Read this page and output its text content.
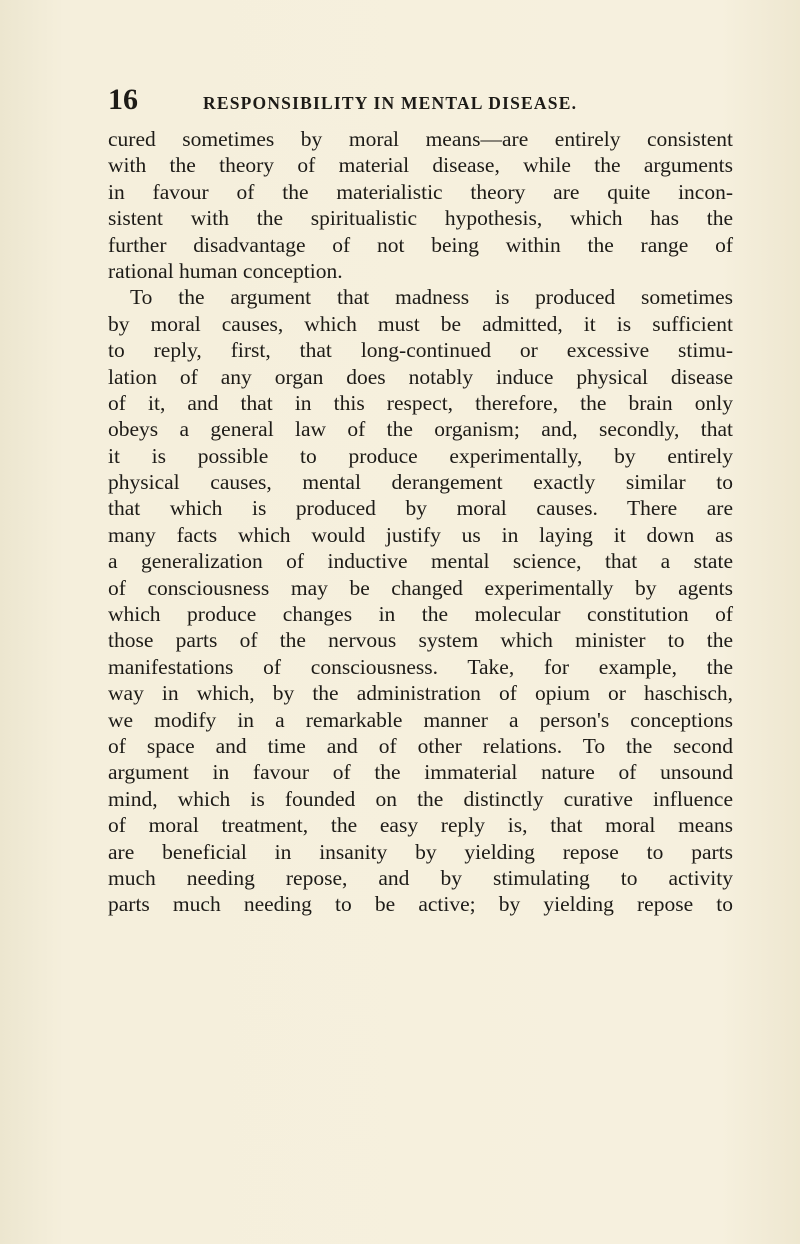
16	RESPONSIBILITY IN MENTAL DISEASE.
cured sometimes by moral means—are entirely consistent
with the theory of material disease, while the arguments
in favour of the materialistic theory are quite incon-
sistent with the spiritualistic hypothesis, which has the
further disadvantage of not being within the range of
rational human conception.
To the argument that madness is produced sometimes
by moral causes, which must be admitted, it is sufficient
to reply, first, that long-continued or excessive stimu-
lation of any organ does notably induce physical disease
of it, and that in this respect, therefore, the brain only
obeys a general law of the organism; and, secondly, that
it is possible to produce experimentally, by entirely
physical causes, mental derangement exactly similar to
that which is produced by moral causes. There are
many facts which would justify us in laying it down as
a generalization of inductive mental science, that a state
of consciousness may be changed experimentally by agents
which produce changes in the molecular constitution of
those parts of the nervous system which minister to the
manifestations of consciousness. Take, for example, the
way in which, by the administration of opium or haschisch,
we modify in a remarkable manner a person's conceptions
of space and time and of other relations. To the second
argument in favour of the immaterial nature of unsound
mind, which is founded on the distinctly curative influence
of moral treatment, the easy reply is, that moral means
are beneficial in insanity by yielding repose to parts
much needing repose, and by stimulating to activity
parts much needing to be active; by yielding repose to
